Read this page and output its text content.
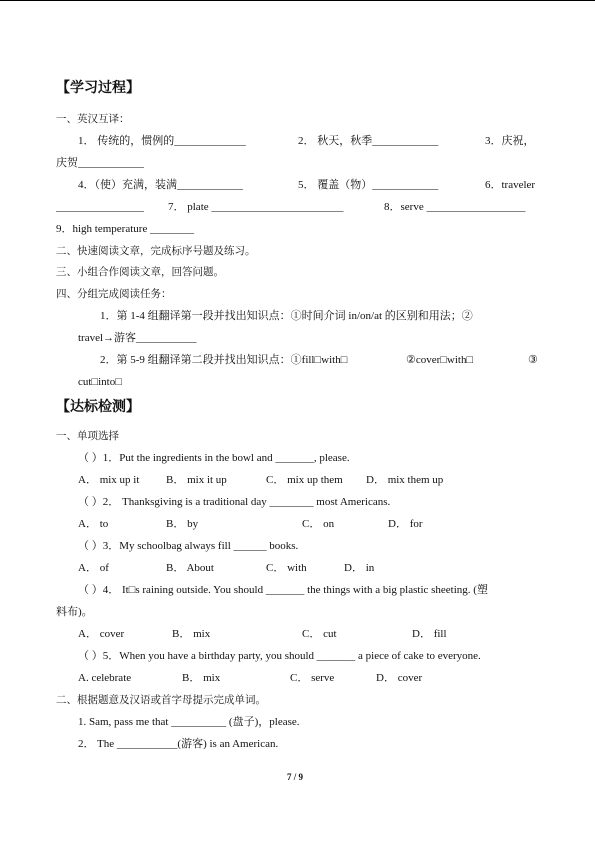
【学习过程】
一、英汉互译：
1． 传统的，惯例的_____________	2． 秋天，秋季____________	3．庆祝，
庆贺____________
4．（使）充满，装满____________	5． 覆盖（物）____________	6．traveler
________________ 7． plate ________________________	8．serve __________________
9．high temperature ________
二、快速阅读文章，完成标序号题及练习。
三、小组合作阅读文章，回答问题。
四、分组完成阅读任务：
1．第 1-4 组翻译第一段并找出知识点：①时间介词 in/on/at 的区别和用法；②
travel→游客___________
2．第 5-9 组翻译第二段并找出知识点：①fill□with□	②cover□with□	③
cut□into□
【达标检测】
一、单项选择
（ ）1．Put the ingredients in the bowl and _______, please.
A． mix up it B． mix it up	C． mix up them D． mix them up
（ ）2． Thanksgiving is a traditional day ________ most Americans.
A． to	B． by	C． on	D． for
（ ）3．My schoolbag always fill ______ books.
A． of	B． About	C． with	D． in
（ ）4． It□s raining outside. You should _______ the things with a big plastic sheeting. (塑
料布)。
A． cover	B． mix	C． cut	D． fill
（ ）5．When you have a birthday party, you should _______ a piece of cake to everyone.
A. celebrate	B． mix	C． serve	D． cover
二、根据题意及汉语或首字母提示完成单词。
1. Sam, pass me that __________ (盘子)，please.
2． The ___________(游客) is an American.
7 / 9
